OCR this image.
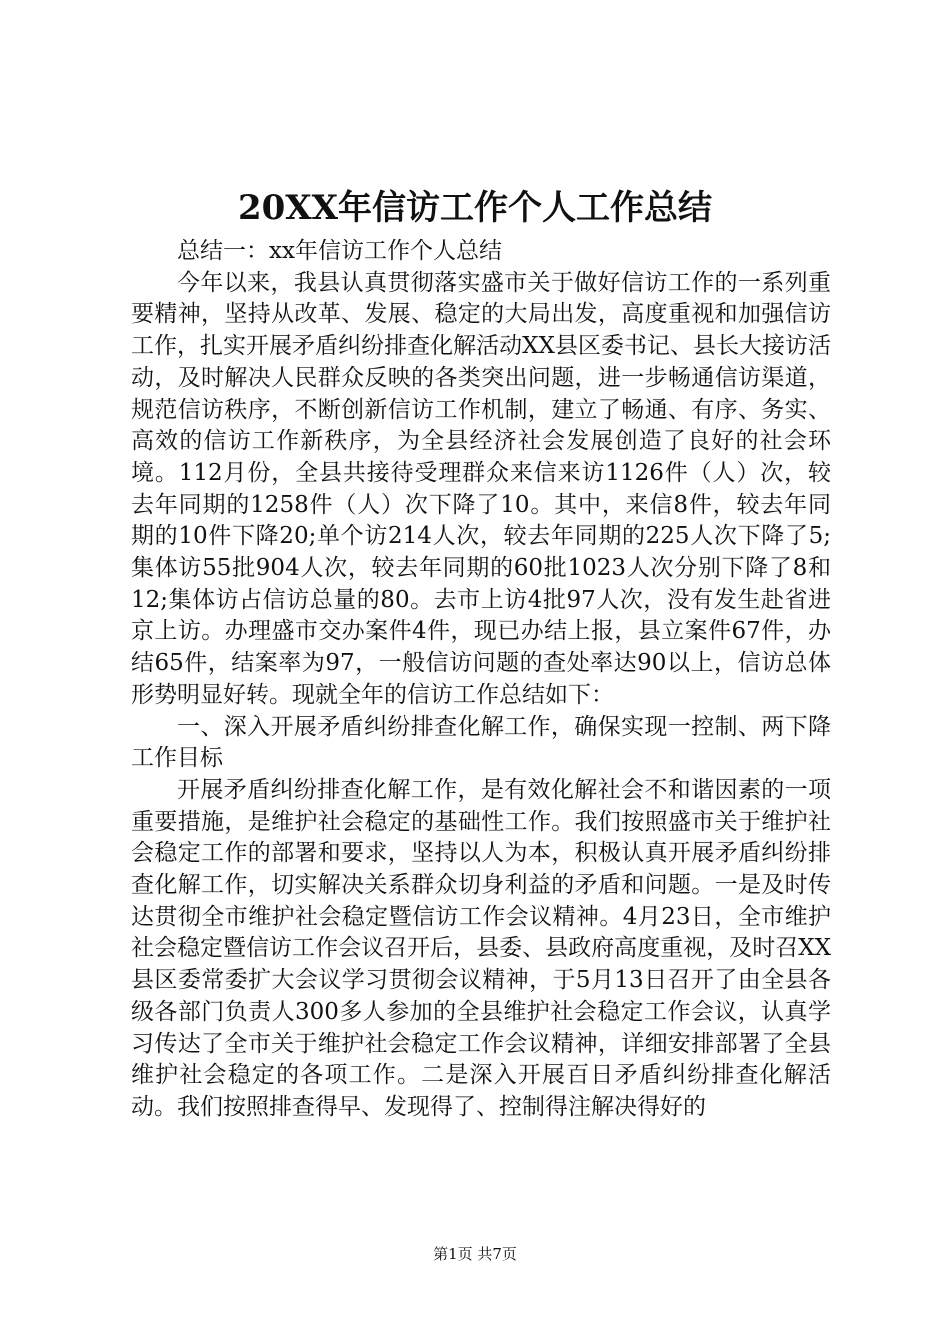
20XX年信访工作个人工作总结

总结一：xx年信访工作个人总结

今年以来，我县认真贯彻落实盛市关于做好信访工作的一系列重要精神，坚持从改革、发展、稳定的大局出发，高度重视和加强信访工作，扎实开展矛盾纠纷排查化解活动XX县区委书记、县长大接访活动，及时解决人民群众反映的各类突出问题，进一步畅通信访渠道，规范信访秩序，不断创新信访工作机制，建立了畅通、有序、务实、高效的信访工作新秩序，为全县经济社会发展创造了良好的社会环境。112月份，全县共接待受理群众来信来访1126件（人）次，较去年同期的1258件（人）次下降了10。其中，来信8件，较去年同期的10件下降20;单个访214人次，较去年同期的225人次下降了5;集体访55批904人次，较去年同期的60批1023人次分别下降了8和12;集体访占信访总量的80。去市上访4批97人次，没有发生赴省进京上访。办理盛市交办案件4件，现已办结上报，县立案件67件，办结65件，结案率为97，一般信访问题的查处率达90以上，信访总体形势明显好转。现就全年的信访工作总结如下：

一、深入开展矛盾纠纷排查化解工作，确保实现一控制、两下降工作目标

开展矛盾纠纷排查化解工作，是有效化解社会不和谐因素的一项重要措施，是维护社会稳定的基础性工作。我们按照盛市关于维护社会稳定工作的部署和要求，坚持以人为本，积极认真开展矛盾纠纷排查化解工作，切实解决关系群众切身利益的矛盾和问题。一是及时传达贯彻全市维护社会稳定暨信访工作会议精神。4月23日，全市维护社会稳定暨信访工作会议召开后，县委、县政府高度重视，及时召XX县区委常委扩大会议学习贯彻会议精神，于5月13日召开了由全县各级各部门负责人300多人参加的全县维护社会稳定工作会议，认真学习传达了全市关于维护社会稳定工作会议精神，详细安排部署了全县维护社会稳定的各项工作。二是深入开展百日矛盾纠纷排查化解活动。我们按照排查得早、发现得了、控制得注解决得好的

第1页 共7页
